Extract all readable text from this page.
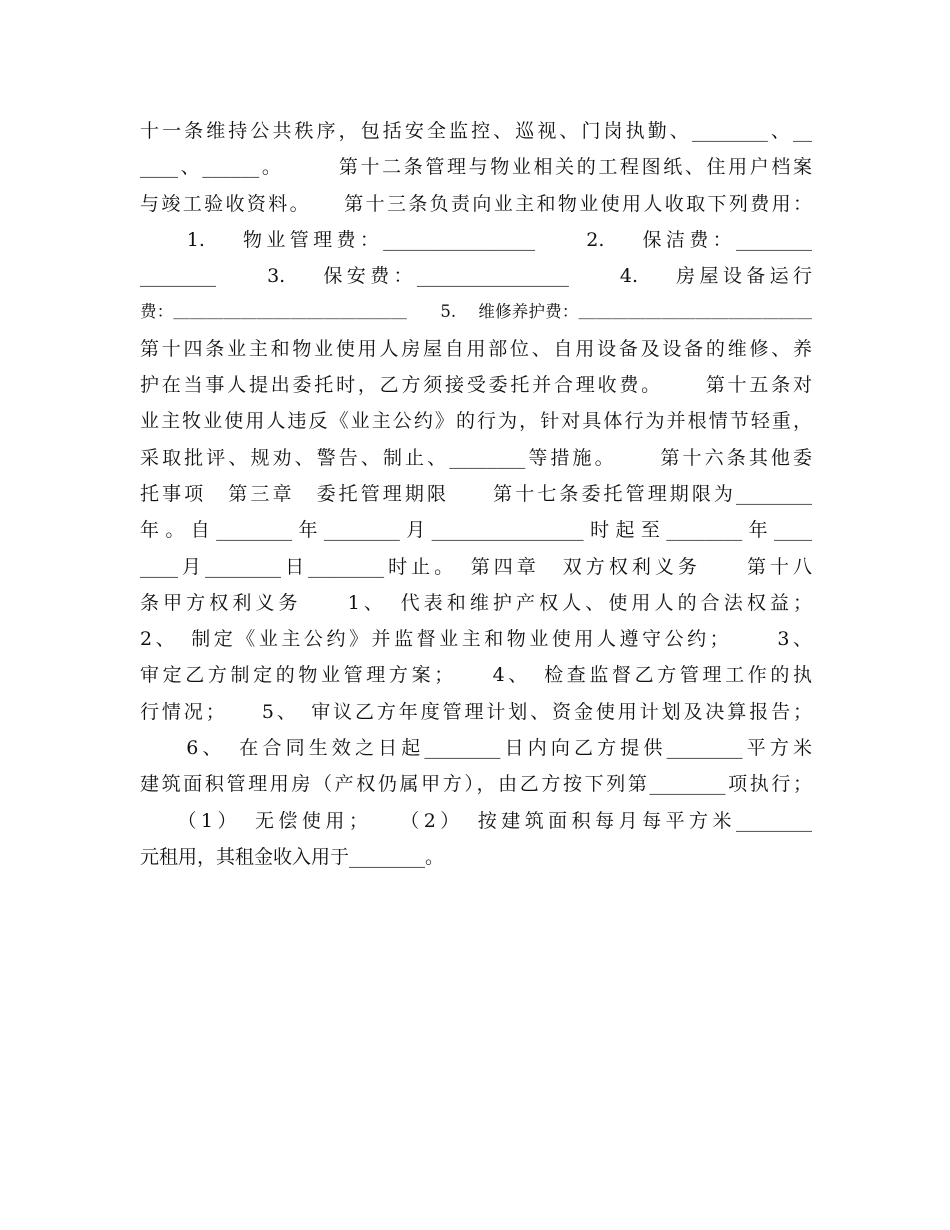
十一条维持公共秩序，包括安全监控、巡视、门岗执勤、________、__
____、______。　　　第十二条管理与物业相关的工程图纸、住用户档案
与竣工验收资料。　　第十三条负责向业主和物业使用人收取下列费用：
　　1.　 物业管理费：________________　　2.　 保洁费：________
________　　3.　 保安费：________________　　4.　 房屋设备运行
费：＿＿＿＿＿＿＿＿＿＿＿＿＿＿　　5.　 维修养护费：＿＿＿＿＿＿＿＿＿＿＿＿＿＿
第十四条业主和物业使用人房屋自用部位、自用设备及设备的维修、养
护在当事人提出委托时，乙方须接受委托并合理收费。　　 第十五条对
业主牧业使用人违反《业主公约》的行为，针对具体行为并根情节轻重，
采取批评、规劝、警告、制止、________等措施。　　 第十六条其他委
托事项　第三章　委托管理期限　　第十七条委托管理期限为________
年。自________年________月________________时起至________年____
____月________日________时止。　第四章　双方权利义务　　第十八
条甲方权利义务　　1、　代表和维护产权人、使用人的合法权益；
2、　制定《业主公约》并监督业主和物业使用人遵守公约；　　 3、
审定乙方制定的物业管理方案；　　4、　检查监督乙方管理工作的执
行情况；　　5、　审议乙方年度管理计划、资金使用计划及决算报告；
　　6、　在合同生效之日起________日内向乙方提供________平方米
建筑面积管理用房（产权仍属甲方），由乙方按下列第________项执行；
　　（1）　无偿使用；　　（2）　按建筑面积每月每平方米________
元租用，其租金收入用于________。
